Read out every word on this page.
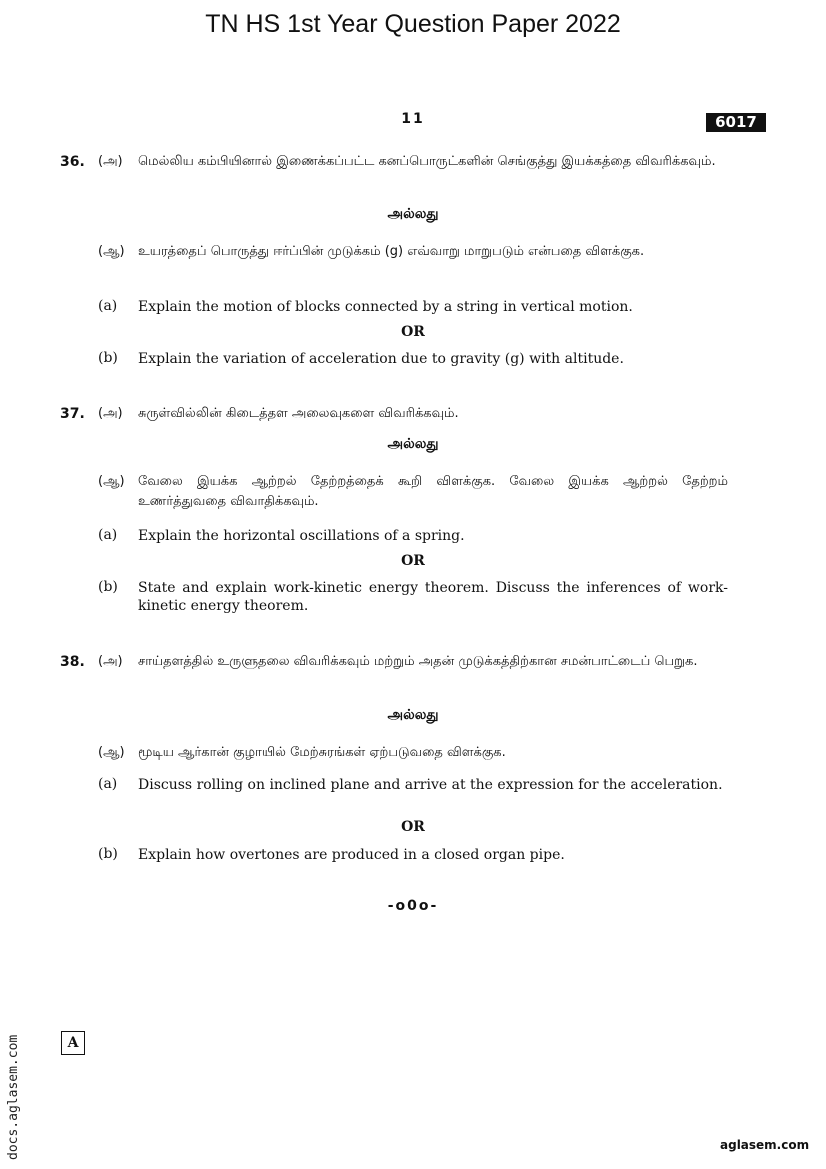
TN HS 1st Year Question Paper 2022
11	6017
36. (அ) மெல்லிய கம்பியினால் இணைக்கப்பட்ட கனப்பொருட்களின் செங்குத்து இயக்கத்தை விவரிக்கவும்.
அல்லது
(ஆ) உயரத்தைப் பொருத்து ஈர்ப்பின் முடுக்கம் (g) எவ்வாறு மாறுபடும் என்பதை விளக்குக.
(a) Explain the motion of blocks connected by a string in vertical motion.
OR
(b) Explain the variation of acceleration due to gravity (g) with altitude.
37. (அ) சுருள்வில்லின் கிடைத்தள அலைவுகளை விவரிக்கவும்.
அல்லது
(ஆ) வேலை இயக்க ஆற்றல் தேற்றத்தைக் கூறி விளக்குக. வேலை இயக்க ஆற்றல் தேற்றம் உணர்த்துவதை விவாதிக்கவும்.
(a) Explain the horizontal oscillations of a spring.
OR
(b) State and explain work-kinetic energy theorem. Discuss the inferences of work-kinetic energy theorem.
38. (அ) சாய்தளத்தில் உருளுதலை விவரிக்கவும் மற்றும் அதன் முடுக்கத்திற்கான சமன்பாட்டைப் பெறுக.
அல்லது
(ஆ) மூடிய ஆர்கான் குழாயில் மேற்சுரங்கள் ஏற்படுவதை விளக்குக.
(a) Discuss rolling on inclined plane and arrive at the expression for the acceleration.
OR
(b) Explain how overtones are produced in a closed organ pipe.
-o0o-
docs.aglasem.com	A
aglasem.com
